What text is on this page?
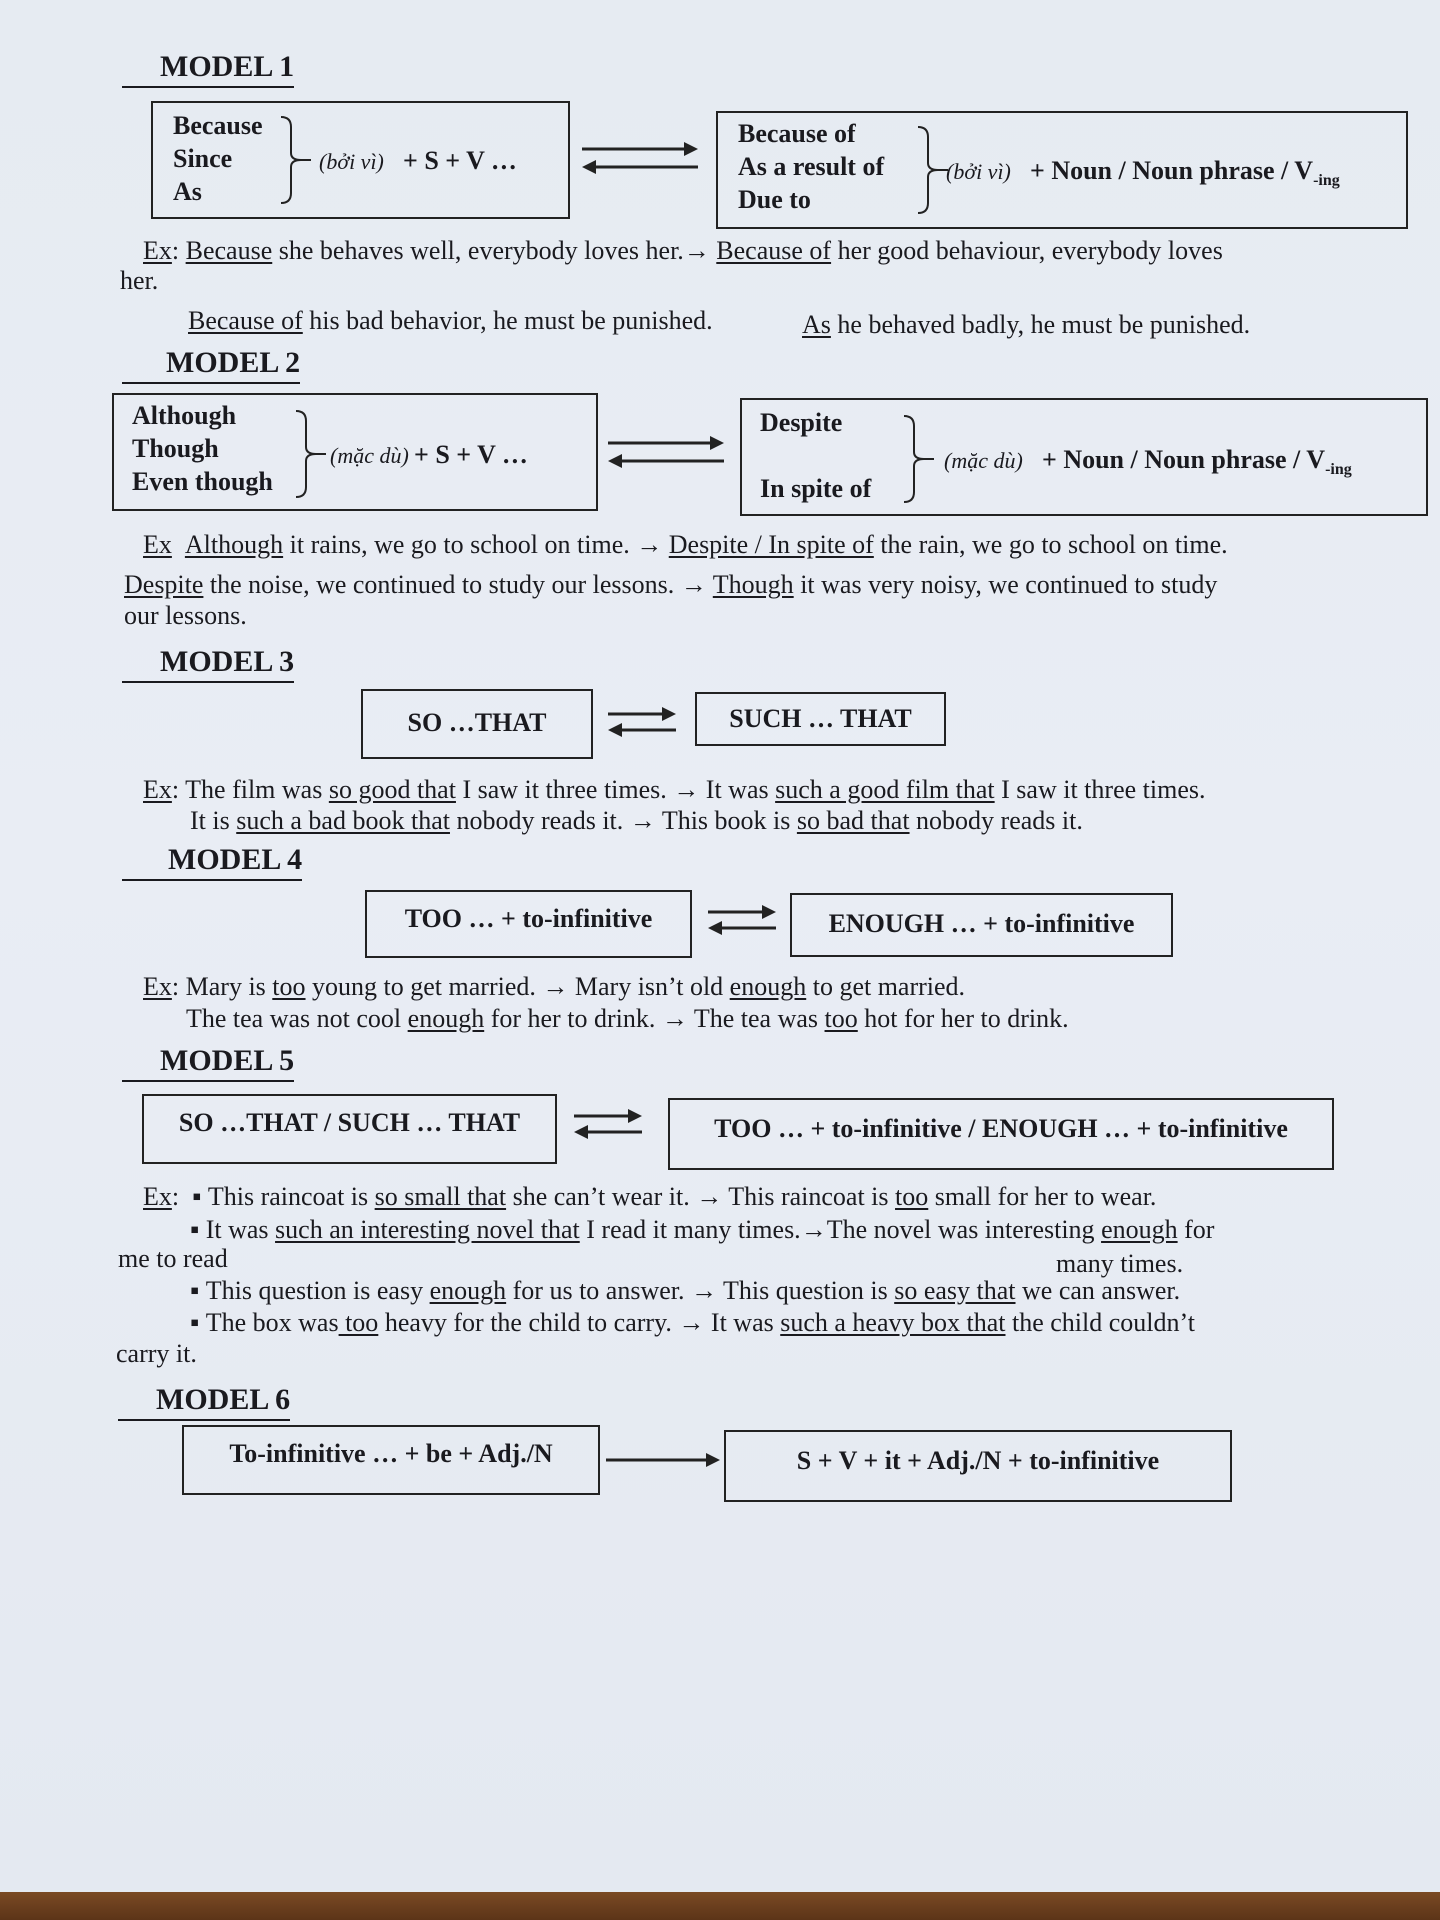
MODEL 1
Because
Since
As
(bởi vì) + S + V …
Because of
As a result of
Due to
(bởi vì) + Noun / Noun phrase / $V_{-ing}$
Ex: Because she behaves well, everybody loves her.→ Because of her good behaviour, everybody loves
her.
Because of his bad behavior, he must be punished.	As he behaved badly, he must be punished.
MODEL 2
Although
Though
Even though
(mặc dù) + S + V …
Despite
In spite of
(mặc dù) + Noun / Noun phrase / $V_{-ing}$
Ex Although it rains, we go to school on time. → Despite / In spite of the rain, we go to school on time.
Despite the noise, we continued to study our lessons. → Though it was very noisy, we continued to study
our lessons.
MODEL 3
SO …THAT	SUCH … THAT
Ex: The film was so good that I saw it three times. → It was such a good film that I saw it three times.
It is such a bad book that nobody reads it. → This book is so bad that nobody reads it.
MODEL 4
TOO … + to-infinitive	ENOUGH … + to-infinitive
Ex: Mary is too young to get married. → Mary isn’t old enough to get married.
The tea was not cool enough for her to drink. → The tea was too hot for her to drink.
MODEL 5
SO …THAT / SUCH … THAT	TOO … + to-infinitive / ENOUGH … + to-infinitive
Ex: ▪ This raincoat is so small that she can’t wear it. → This raincoat is too small for her to wear.
▪ It was such an interesting novel that I read it many times.→The novel was interesting enough for
me to read	many times.
▪ This question is easy enough for us to answer. → This question is so easy that we can answer.
▪ The box was too heavy for the child to carry. → It was such a heavy box that the child couldn’t
carry it.
MODEL 6
To-infinitive … + be + Adj./N	S + V + it + Adj./N + to-infinitive
